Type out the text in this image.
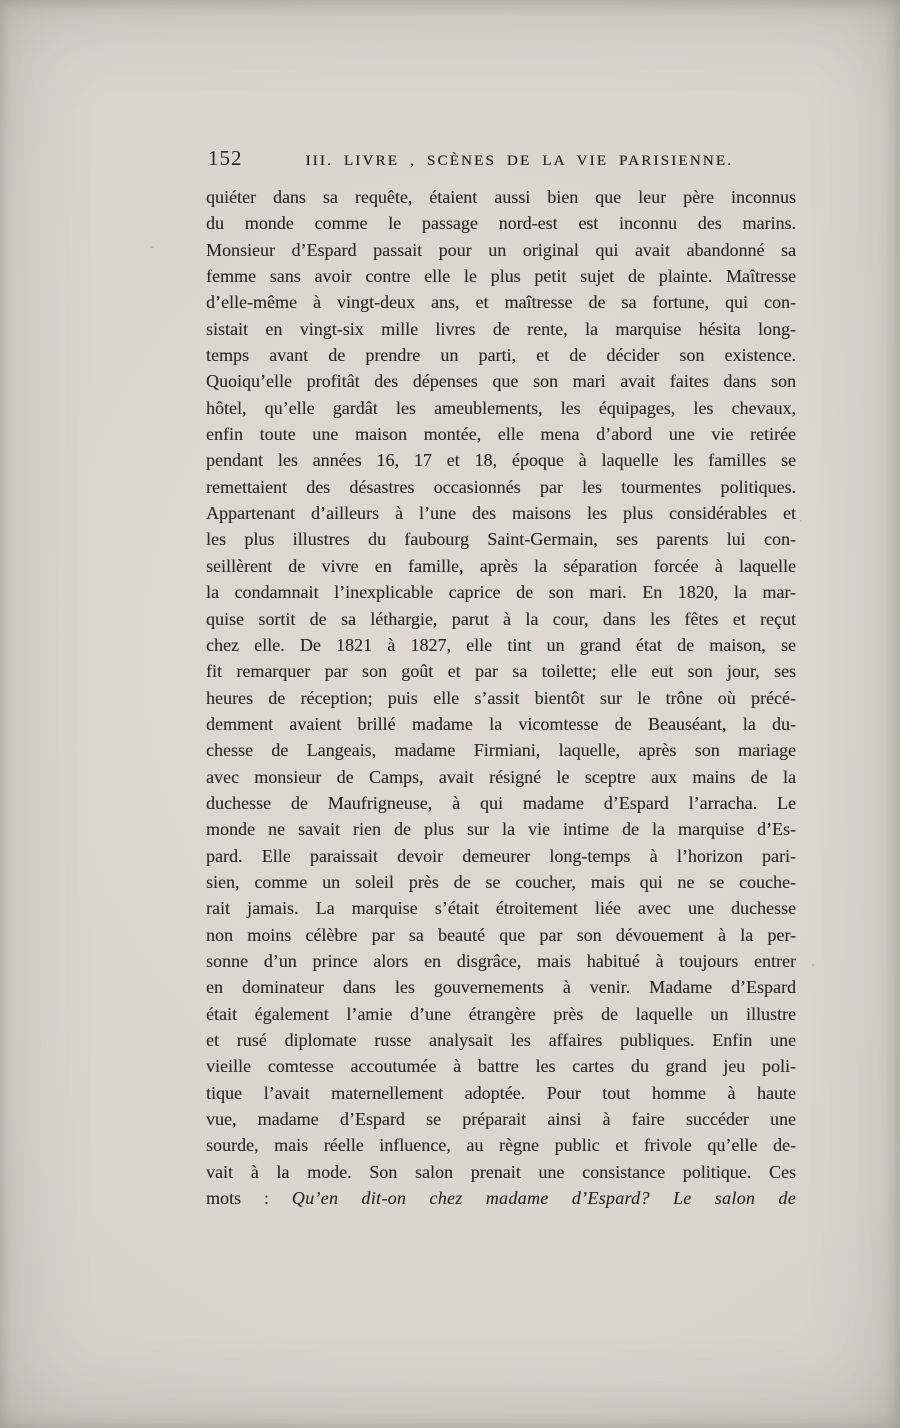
152	III. LIVRE , SCÈNES DE LA VIE PARISIENNE.
quiéter dans sa requête, étaient aussi bien que leur père inconnus
du monde comme le passage nord-est est inconnu des marins.
Monsieur d’Espard passait pour un original qui avait abandonné sa
femme sans avoir contre elle le plus petit sujet de plainte. Maîtresse
d’elle-même à vingt-deux ans, et maîtresse de sa fortune, qui con-
sistait en vingt-six mille livres de rente, la marquise hésita long-
temps avant de prendre un parti, et de décider son existence.
Quoiqu’elle profitât des dépenses que son mari avait faites dans son
hôtel, qu’elle gardât les ameublements, les équipages, les chevaux,
enfin toute une maison montée, elle mena d’abord une vie retirée
pendant les années 16, 17 et 18, époque à laquelle les familles se
remettaient des désastres occasionnés par les tourmentes politiques.
Appartenant d’ailleurs à l’une des maisons les plus considérables et
les plus illustres du faubourg Saint-Germain, ses parents lui con-
seillèrent de vivre en famille, après la séparation forcée à laquelle
la condamnait l’inexplicable caprice de son mari. En 1820, la mar-
quise sortit de sa léthargie, parut à la cour, dans les fêtes et reçut
chez elle. De 1821 à 1827, elle tint un grand état de maison, se
fit remarquer par son goût et par sa toilette; elle eut son jour, ses
heures de réception; puis elle s’assit bientôt sur le trône où précé-
demment avaient brillé madame la vicomtesse de Beauséant, la du-
chesse de Langeais, madame Firmiani, laquelle, après son mariage
avec monsieur de Camps, avait résigné le sceptre aux mains de la
duchesse de Maufrigneuse, à qui madame d’Espard l’arracha. Le
monde ne savait rien de plus sur la vie intime de la marquise d’Es-
pard. Elle paraissait devoir demeurer long-temps à l’horizon pari-
sien, comme un soleil près de se coucher, mais qui ne se couche-
rait jamais. La marquise s’était étroitement liée avec une duchesse
non moins célèbre par sa beauté que par son dévouement à la per-
sonne d’un prince alors en disgrâce, mais habitué à toujours entrer
en dominateur dans les gouvernements à venir. Madame d’Espard
était également l’amie d’une étrangère près de laquelle un illustre
et rusé diplomate russe analysait les affaires publiques. Enfin une
vieille comtesse accoutumée à battre les cartes du grand jeu poli-
tique l’avait maternellement adoptée. Pour tout homme à haute
vue, madame d’Espard se préparait ainsi à faire succéder une
sourde, mais réelle influence, au règne public et frivole qu’elle de-
vait à la mode. Son salon prenait une consistance politique. Ces
mots : Qu’en dit-on chez madame d’Espard? Le salon de
